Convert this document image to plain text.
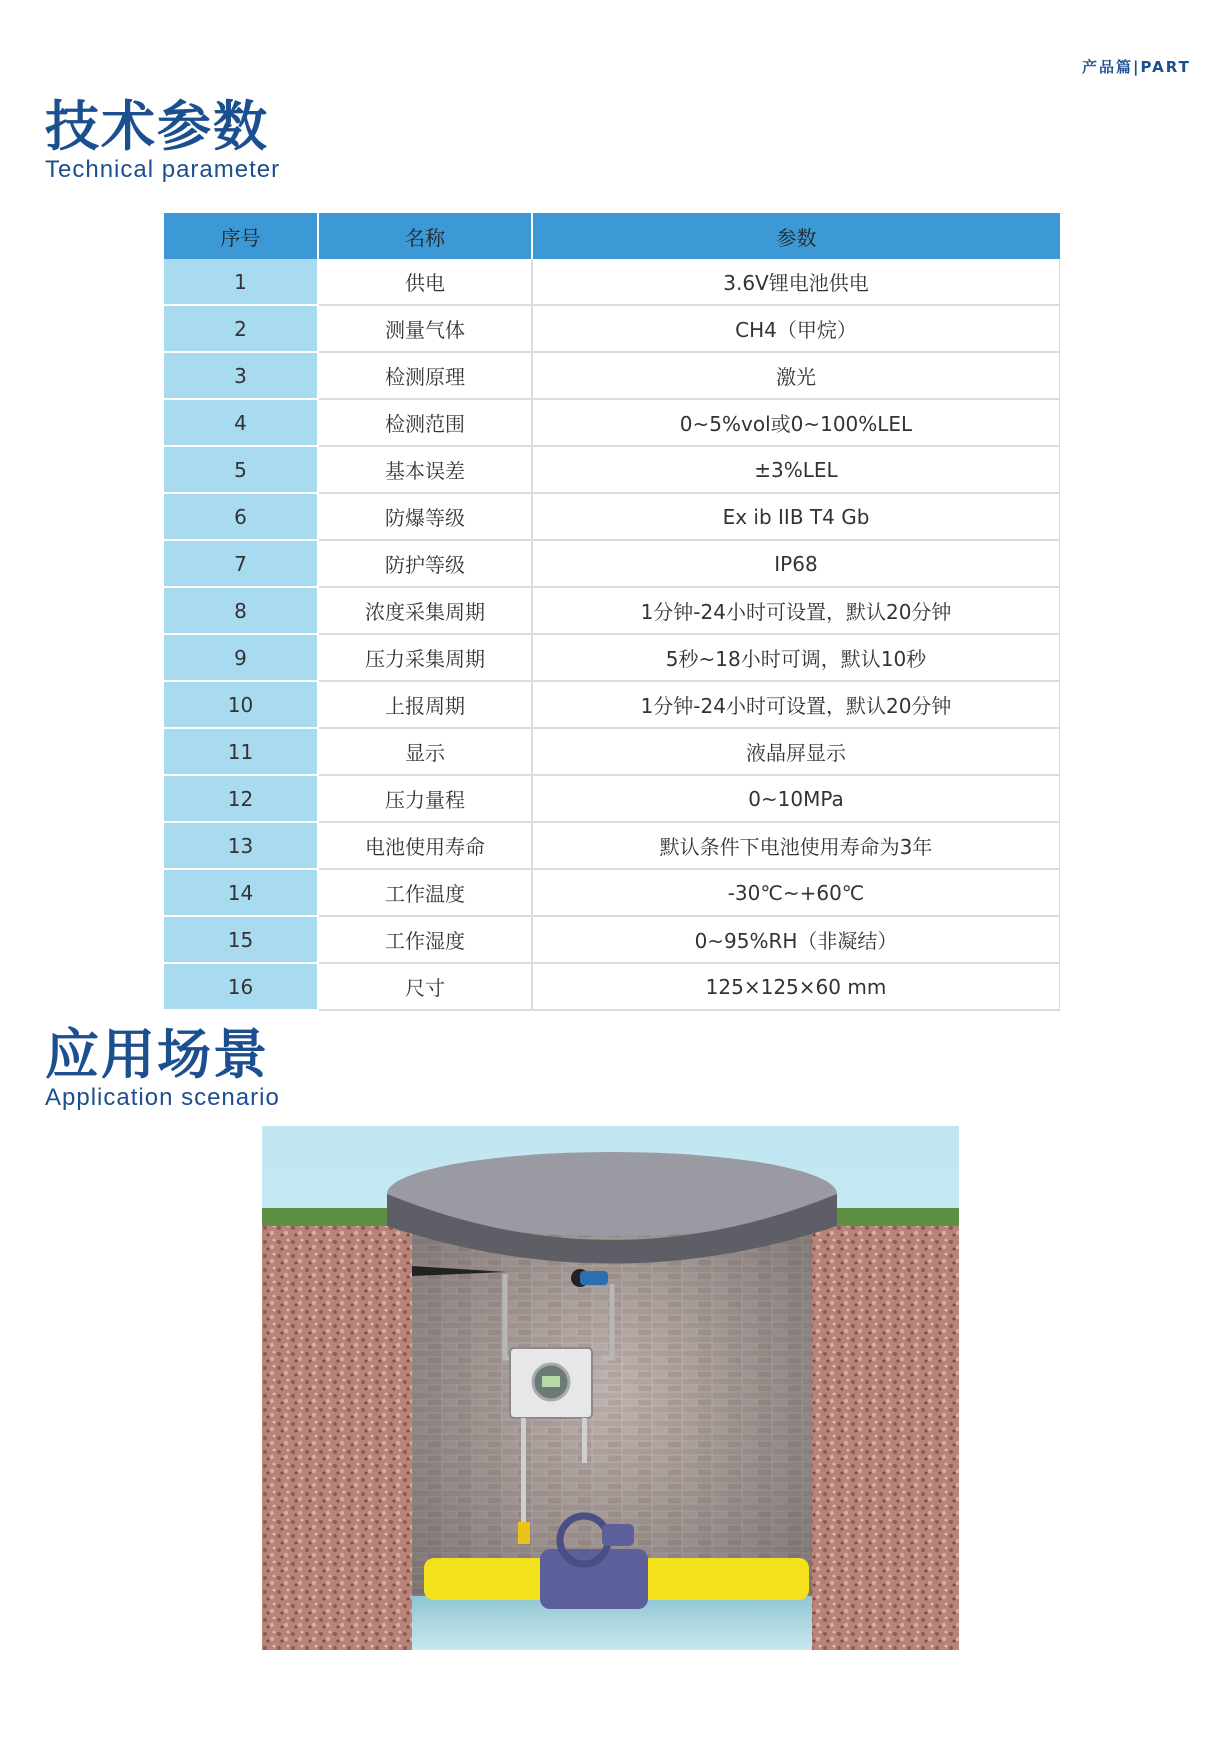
产品篇|PART
技术参数
Technical parameter
序号	名称	参数
1	供电	3.6V锂电池供电
2	测量气体	CH4（甲烷）
3	检测原理	激光
4	检测范围	0~5%vol或0~100%LEL
5	基本误差	±3%LEL
6	防爆等级	Ex ib IIB T4 Gb
7	防护等级	IP68
8	浓度采集周期	1分钟-24小时可设置，默认20分钟
9	压力采集周期	5秒~18小时可调，默认10秒
10	上报周期	1分钟-24小时可设置，默认20分钟
11	显示	液晶屏显示
12	压力量程	0~10MPa
13	电池使用寿命	默认条件下电池使用寿命为3年
14	工作温度	-30℃~+60℃
15	工作湿度	0~95%RH（非凝结）
16	尺寸	125×125×60 mm
应用场景
Application scenario
